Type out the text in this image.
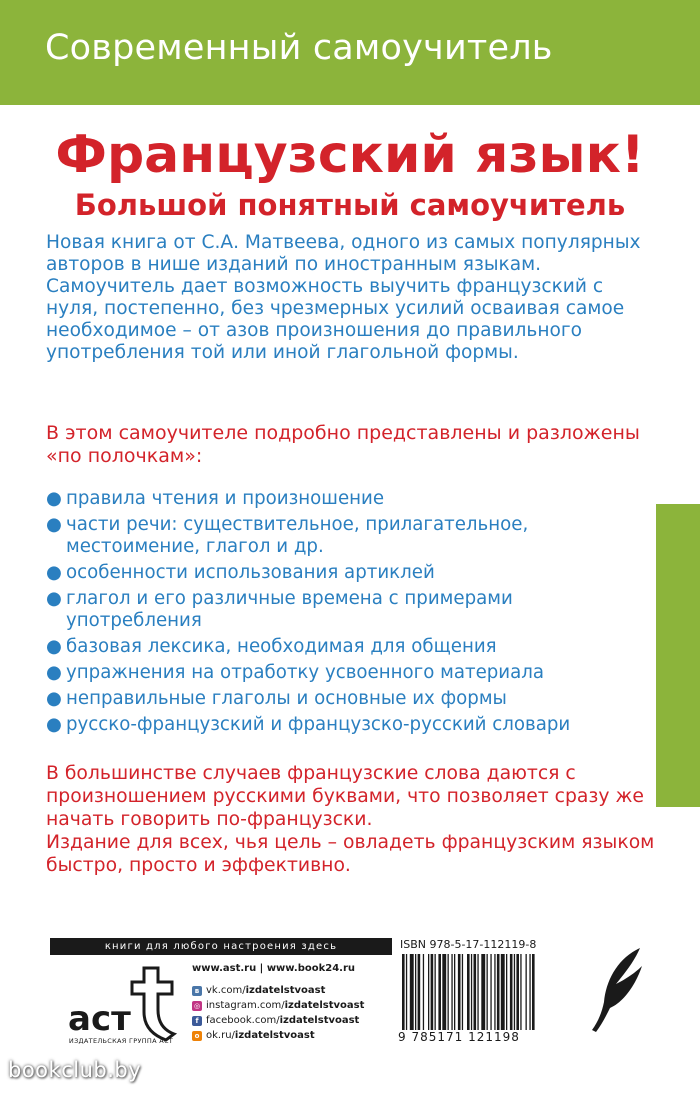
Современный самоучитель
Французский язык!
Большой понятный самоучитель

Новая книга от С.А. Матвеева, одного из самых популярных авторов в нише изданий по иностранным языкам.

Самоучитель дает возможность выучить французский с нуля, постепенно, без чрезмерных усилий осваивая самое необходимое – от азов произношения до правильного употребления той или иной глагольной формы.

В этом самоучителе подробно представлены и разложены «по полочкам»:
● правила чтения и произношение
● части речи: существительное, прилагательное, местоимение, глагол и др.
● особенности использования артиклей
● глагол и его различные времена с примерами употребления
● базовая лексика, необходимая для общения
● упражнения на отработку усвоенного материала
● неправильные глаголы и основные их формы
● русско-французский и французско-русский словари

В большинстве случаев французские слова даются с произношением русскими буквами, что позволяет сразу же начать говорить по-французски.

Издание для всех, чья цель – овладеть французским языком быстро, просто и эффективно.

книги для любого настроения здесь
аст
ИЗДАТЕЛЬСКАЯ ГРУППА АСТ
www.ast.ru | www.book24.ru
в vk.com/ izdatelstvoast
◎ instagram.com/ izdatelstvoast
f facebook.com/ izdatelstvoast
о ok.ru/ izdatelstvoast
ISBN 978-5-17-112119-8
9 785171 121198
bookclub.by
